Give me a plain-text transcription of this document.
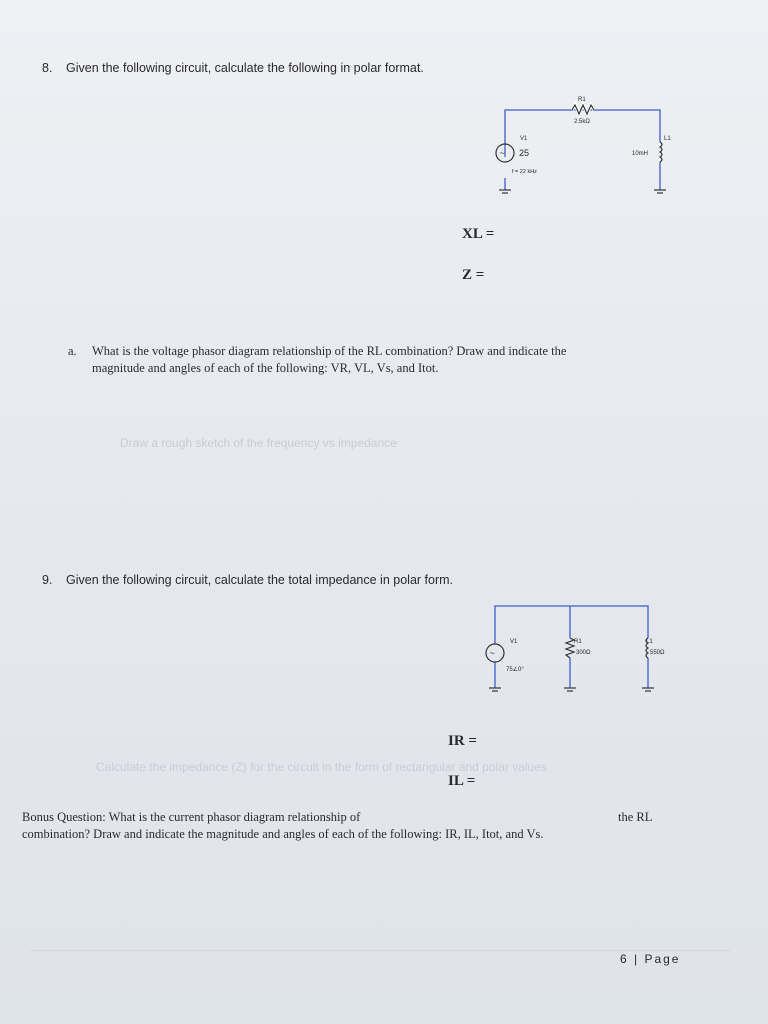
8. Given the following circuit, calculate the following in polar format.
R1
2.5kΩ
~
V1
25
f = 22 kHz
L1
10mH
XL =
Z =
a. What is the voltage phasor diagram relationship of the RL combination? Draw and indicate the
magnitude and angles of each of the following: VR, VL, Vs, and Itot.
Draw a rough sketch of the frequency vs impedance
9. Given the following circuit, calculate the total impedance in polar form.
~
V1
75∠0°
R1
300Ω
L1
550Ω
IR =
Calculate the impedance (Z) for the circuit in the form of rectangular and polar values
IL =
Bonus Question: What is the current phasor diagram relationship of	the RL
combination? Draw and indicate the magnitude and angles of each of the following: IR, IL, Itot, and Vs.
6 | Page
